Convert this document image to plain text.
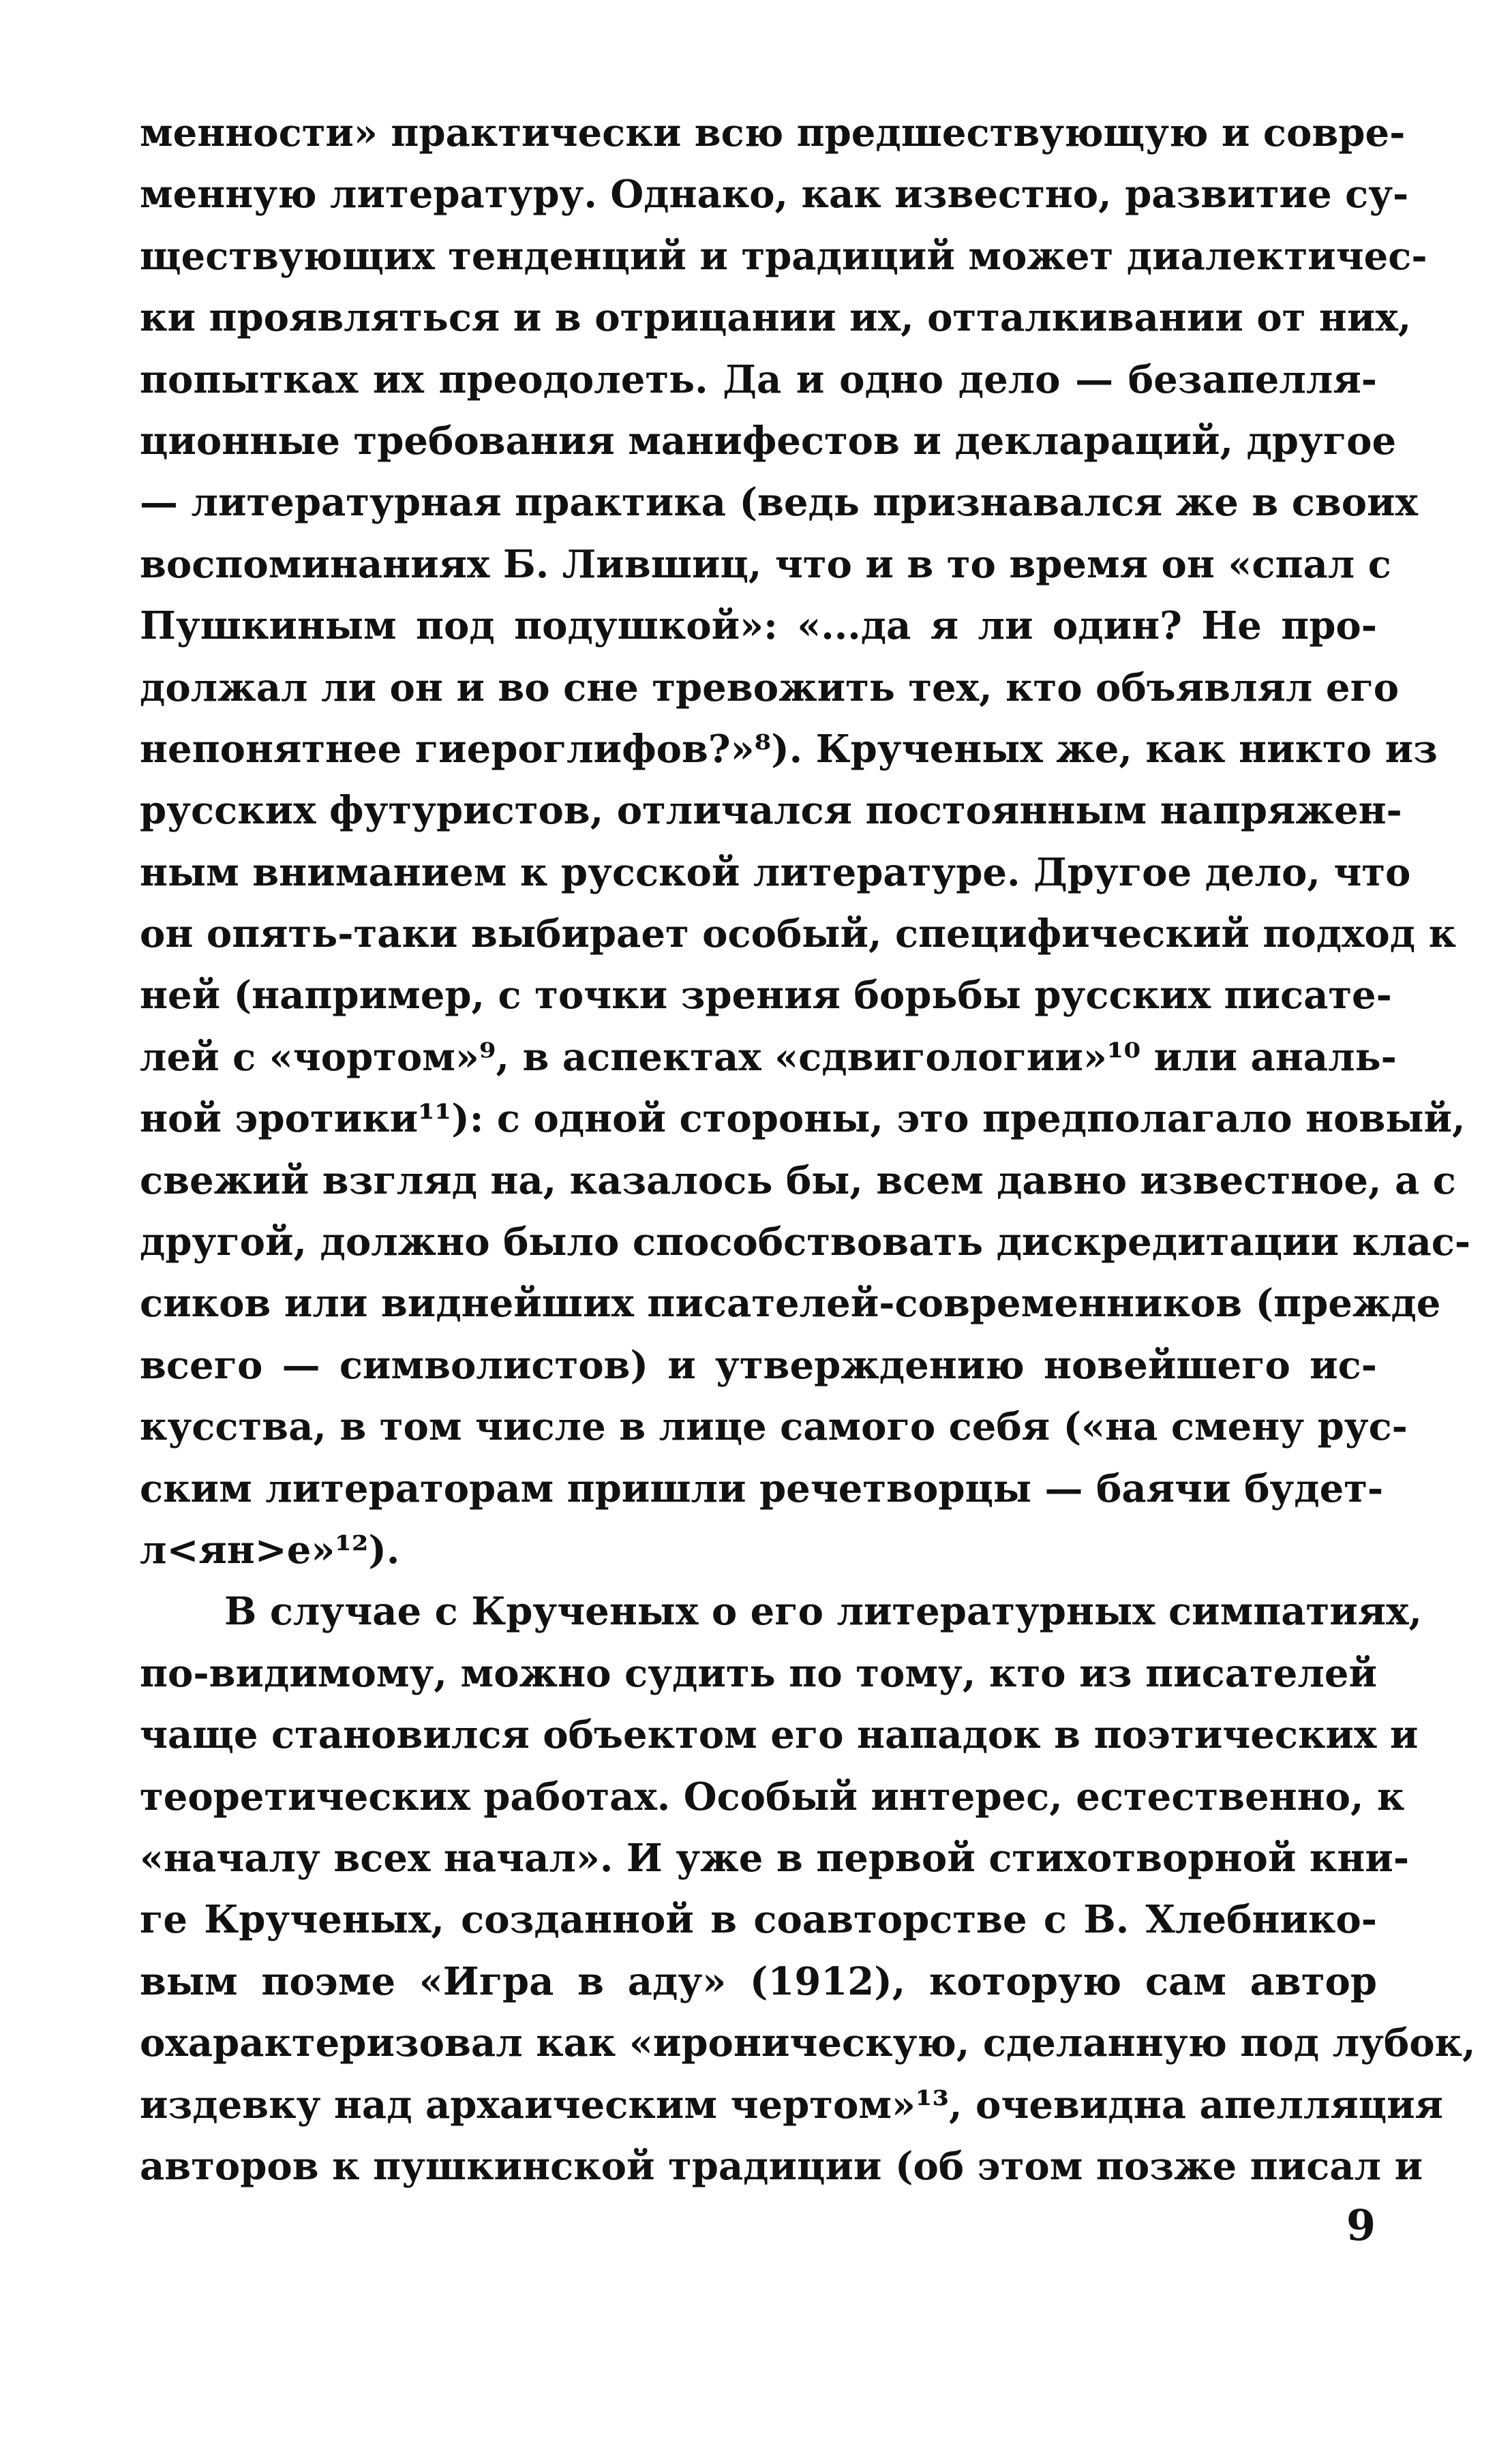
менности» практически всю предшествующую и совре-
менную литературу. Однако, как известно, развитие су-
ществующих тенденций и традиций может диалектичес-
ки проявляться и в отрицании их, отталкивании от них,
попытках их преодолеть. Да и одно дело — безапелля-
ционные требования манифестов и деклараций, другое
— литературная практика (ведь признавался же в своих
воспоминаниях Б. Лившиц, что и в то время он «спал с
Пушкиным под подушкой»: «...да я ли один? Не про-
должал ли он и во сне тревожить тех, кто объявлял его
непонятнее гиероглифов?»⁸). Крученых же, как никто из
русских футуристов, отличался постоянным напряжен-
ным вниманием к русской литературе. Другое дело, что
он опять-таки выбирает особый, специфический подход к
ней (например, с точки зрения борьбы русских писате-
лей с «чортом»⁹, в аспектах «сдвигологии»¹⁰ или аналь-
ной эротики¹¹): с одной стороны, это предполагало новый,
свежий взгляд на, казалось бы, всем давно известное, а с
другой, должно было способствовать дискредитации клас-
сиков или виднейших писателей-современников (прежде
всего — символистов) и утверждению новейшего ис-
кусства, в том числе в лице самого себя («на смену рус-
ским литераторам пришли речетворцы — баячи будет-
л<ян>е»¹²).
В случае с Крученых о его литературных симпатиях,
по-видимому, можно судить по тому, кто из писателей
чаще становился объектом его нападок в поэтических и
теоретических работах. Особый интерес, естественно, к
«началу всех начал». И уже в первой стихотворной кни-
ге Крученых, созданной в соавторстве с В. Хлебнико-
вым поэме «Игра в аду» (1912), которую сам автор
охарактеризовал как «ироническую, сделанную под лубок,
издевку над архаическим чертом»¹³, очевидна апелляция
авторов к пушкинской традиции (об этом позже писал и
9
